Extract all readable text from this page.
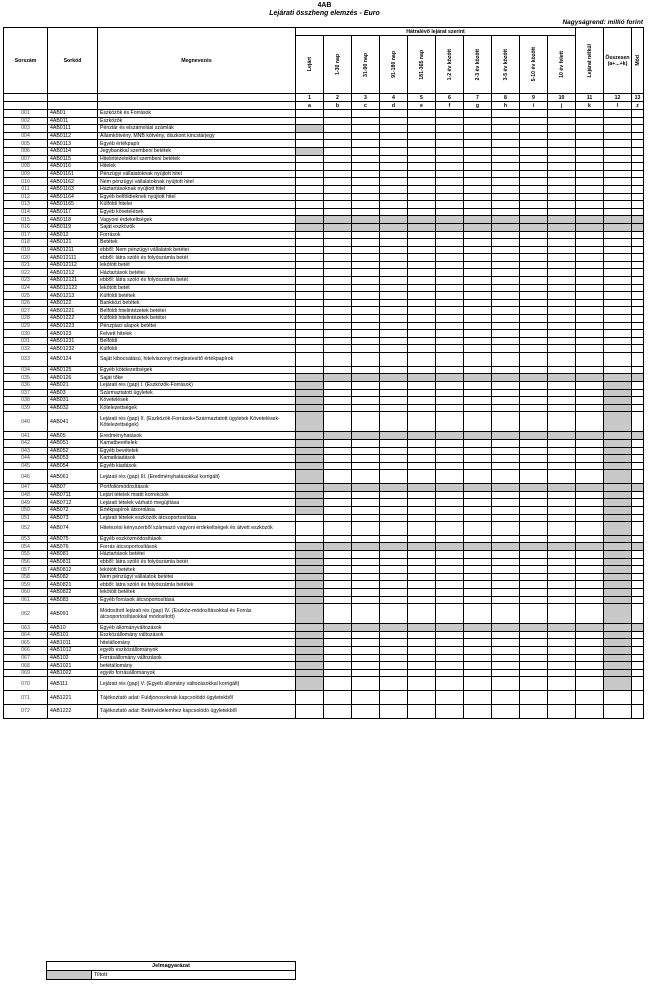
4AB
Lejárati összheng elemzés - Euro
Nagyságrend: millió forint
Sorszám	Sorkód	Megnevezés	Hátralévő lejárat szerint										Lejárat nélkül	Összesen (a+...+k)	Mód

			Lejárt	1-30 nap	31-90 nap	91-180 nap	181-365 nap	1-2 év között	2-3 év között	3-5 év között	5-10 év között	10 év felett			

			1	2	3	4	5	6	7	8	9	10	11	12	13
			a	b	c	d	e	f	g	h	i	j	k	l	z
001	4AB01	Eszközök és Források													
002	4AB011	Eszközök													
003	4AB0111	Pénztár és elszámolási számlák													
004	4AB0112	Államkötvény, MNB kötvény, diszkont kincstárjegy													
005	4AB0113	Egyéb értékpapír													
006	4AB0114	Jegybankkal szembeni betétek													
007	4AB0115	Hitelintézetekkel szembeni betétek													
008	4AB0116	Hitelek													
009	4AB01161	Pénzügyi vállalatoknak nyújtott hitel													
010	4AB01162	Nem pénzügyi vállalatoknak nyújtott hitel													
011	4AB01163	Háztartásoknak nyújtott hitel													
012	4AB01164	Egyéb belföldieknek nyújtott hitel													
013	4AB01165	Külföldi hitelei													
014	4AB0117	Egyéb követelések													
015	4AB0118	Vagyoni érdekeltségek													
016	4AB0119	Saját eszközök													
017	4AB012	Források													
018	4AB0121	Betétek													
019	4AB01211	ebből: Nem pénzügyi vállalatok betétei													
020	4AB012111	ebből: látra szóló és folyószámla betét													
021	4AB012112	lekötött betét													
022	4AB01212	Háztartások betétei													
023	4AB012121	ebből: látra szóló és folyószámla betét													
024	4AB012122	lekötött betét													
025	4AB01213	Külföldi betétek													
026	4AB0122	Bankközi betétek													
027	4AB01221	Belföldi hitelintézetek betétei													
028	4AB01222	Külföldi hitelintézetek betétei													
029	4AB01223	Pénzpiaci alapok betétei													
030	4AB0123	Felvett hitelek													
031	4AB01231	Belföldi													
032	4AB01232	Külföldi													
033	4AB0124	Saját kibocsátású, hitelviszonyt megtestesítő értékpapírok													
034	4AB0125	Egyéb kötelezettségek													
035	4AB0126	Saját tőke													
036	4AB021	Lejárati rés (gap) I. (Eszközök-Források)													
037	4AB03	Származtatott ügyletek													
038	4AB031	Követelések													
039	4AB032	Kötelezettségek													
040	4AB041	Lejárati rés (gap) II. (Eszközök-Források+Származtatott ügyletek Követelések-Kötelezettségek)													
041	4AB05	Eredményhatások													
042	4AB051	Kamatbevételek													
043	4AB052	Egyéb bevételek													
044	4AB053	Kamatkiadások													
045	4AB054	Egyéb kiadások													
046	4AB061	Lejárati rés (gap) III. (Eredményhatásokkal korrigált)													
047	4AB07	Portfoliómódosítások													
048	4AB0711	Lejárt tételek miatti korrekciók													
049	4AB0712	Lejárati tételek várható megújítása													
050	4AB072	Értékpapírok átsorolása													
051	4AB073	Lejárati tételek eszközök átcsoportosítása													
052	4AB074	Hitelezési kényszerből származó vagyoni érdekeltségek és átvett eszközök													
053	4AB075	Egyéb eszközmódosítások													
054	4AB076	Forrás átcsoportosítások													
055	4AB081	Háztartások betétei													
056	4AB0811	ebből: látra szóló és folyószámla betét													
057	4AB0812	lekötött betétek													
058	4AB082	Nem pénzügyi vállalatok betétei													
059	4AB0821	ebből: látra szóló és folyószámla betétek													
060	4AB0822	lekötött betétek													
061	4AB083	Egyéb források átcsoportosítása													
062	4AB091	Módosított lejárati rés (gap) IV. (Eszköz-módosításokkal és Forrás átcsoportosításokkal módosított)													
063	4AB10	Egyéb állományváltozások													
064	4AB101	Eszközállomány változások													
065	4AB1011	hitelállomány													
066	4AB1012	egyéb eszközállományok													
067	4AB102	Forrásállomány változások													
068	4AB1021	betétállomány													
069	4AB1022	egyéb forrásállományok													
070	4AB111	Lejárati rés (gap) V. (Egyéb állomány változásokkal korrigált)													
071	4AB1221	Tájékoztató adat: Fuldjonosoknak kapcsolódó ügyletekből													
072	4AB1222	Tájékoztató adat: Betétvédelemhez kapcsolódó ügyletekből													
Jelmagyarázat
	Tiltott
